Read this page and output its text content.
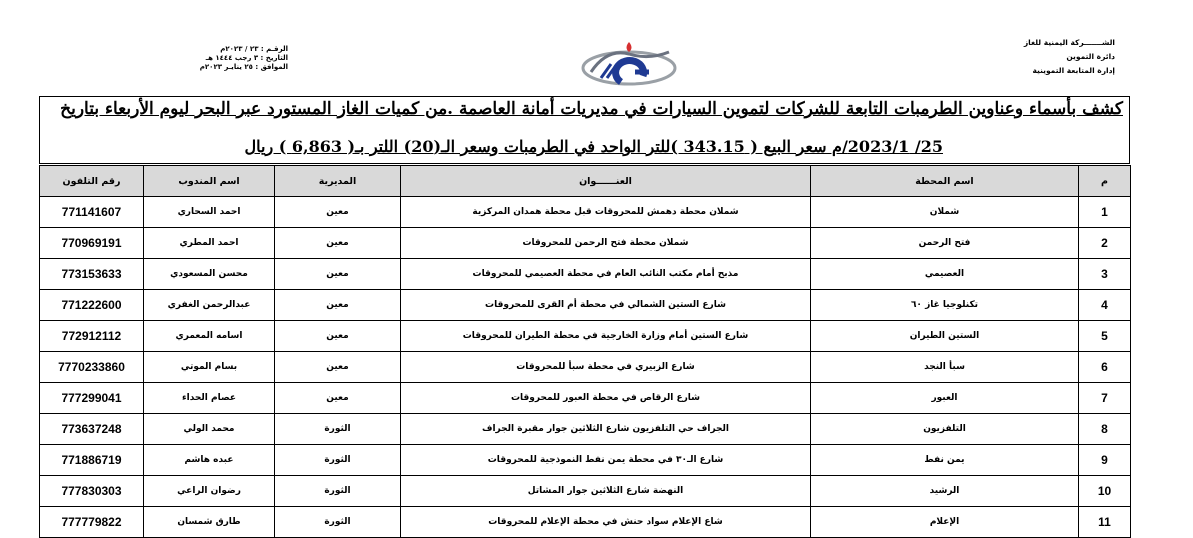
الشـــــــركة اليمنية للغاز
دائرة التموين
إدارة المتابعة التموينية
الرقـم : ٢٣ / ٢٠٢٣م
التاريخ : ٣ رجب ١٤٤٤ هـ
الموافق : ٢٥ ينايـر ٢٠٢٣م
كشف بأسماء وعناوين الطرمبات التابعة للشركات لتموين السيارات في مديريات أمانة العاصمة .من كميات الغاز المستورد عبر البحر ليوم الأربعاء بتاريخ
25/ 2023/1/م سعر البيع ( 343.15 )للتر الواحد في الطرمبات وسعر الـ(20) اللتر بـ( 6,863 ) ريال
م	اسم المحطة	العنــــــوان	المديرية	اسم المندوب	رقم التلفون
1	شملان	شملان محطة دهمش للمحروقات قبل محطة همدان المركزية	معين	احمد السحاري	771141607
2	فتح الرحمن	شملان محطة فتح الرحمن للمحروقات	معين	احمد المطري	770969191
3	العصيمي	مذبح أمام مكتب النائب العام في محطة العصيمي للمحروقات	معين	محسن المسعودي	773153633
4	تكنلوجيا غاز ٦٠	شارع الستين الشمالي في محطة أم القرى للمحروقات	معين	عبدالرحمن الغفري	771222600
5	الستين الطيران	شارع الستين أمام وزارة الخارجية في محطة الطيران للمحروقات	معين	اسامه المعمري	772912112
6	سبأ النجد	شارع الزبيري في محطة سبأ للمحروقات	معين	بسام الموتي	7770233860
7	العبور	شارع الرقاص في محطة العبور للمحروقات	معين	عصام الحداء	777299041
8	التلفزيون	الجراف حي التلفزيون شارع الثلاثين جوار مقبرة الجراف	الثورة	محمد الولي	773637248
9	يمن نفط	شارع الـ٣٠ في محطة يمن نفط النموذجية للمحروقات	الثورة	عبده هاشم	771886719
10	الرشيد	النهضة شارع الثلاثين جوار المشاتل	الثورة	رضوان الراعي	777830303
11	الإعلام	شاع الإعلام سواد حنش في محطة الإعلام للمحروقات	الثورة	طارق شمسان	777779822
